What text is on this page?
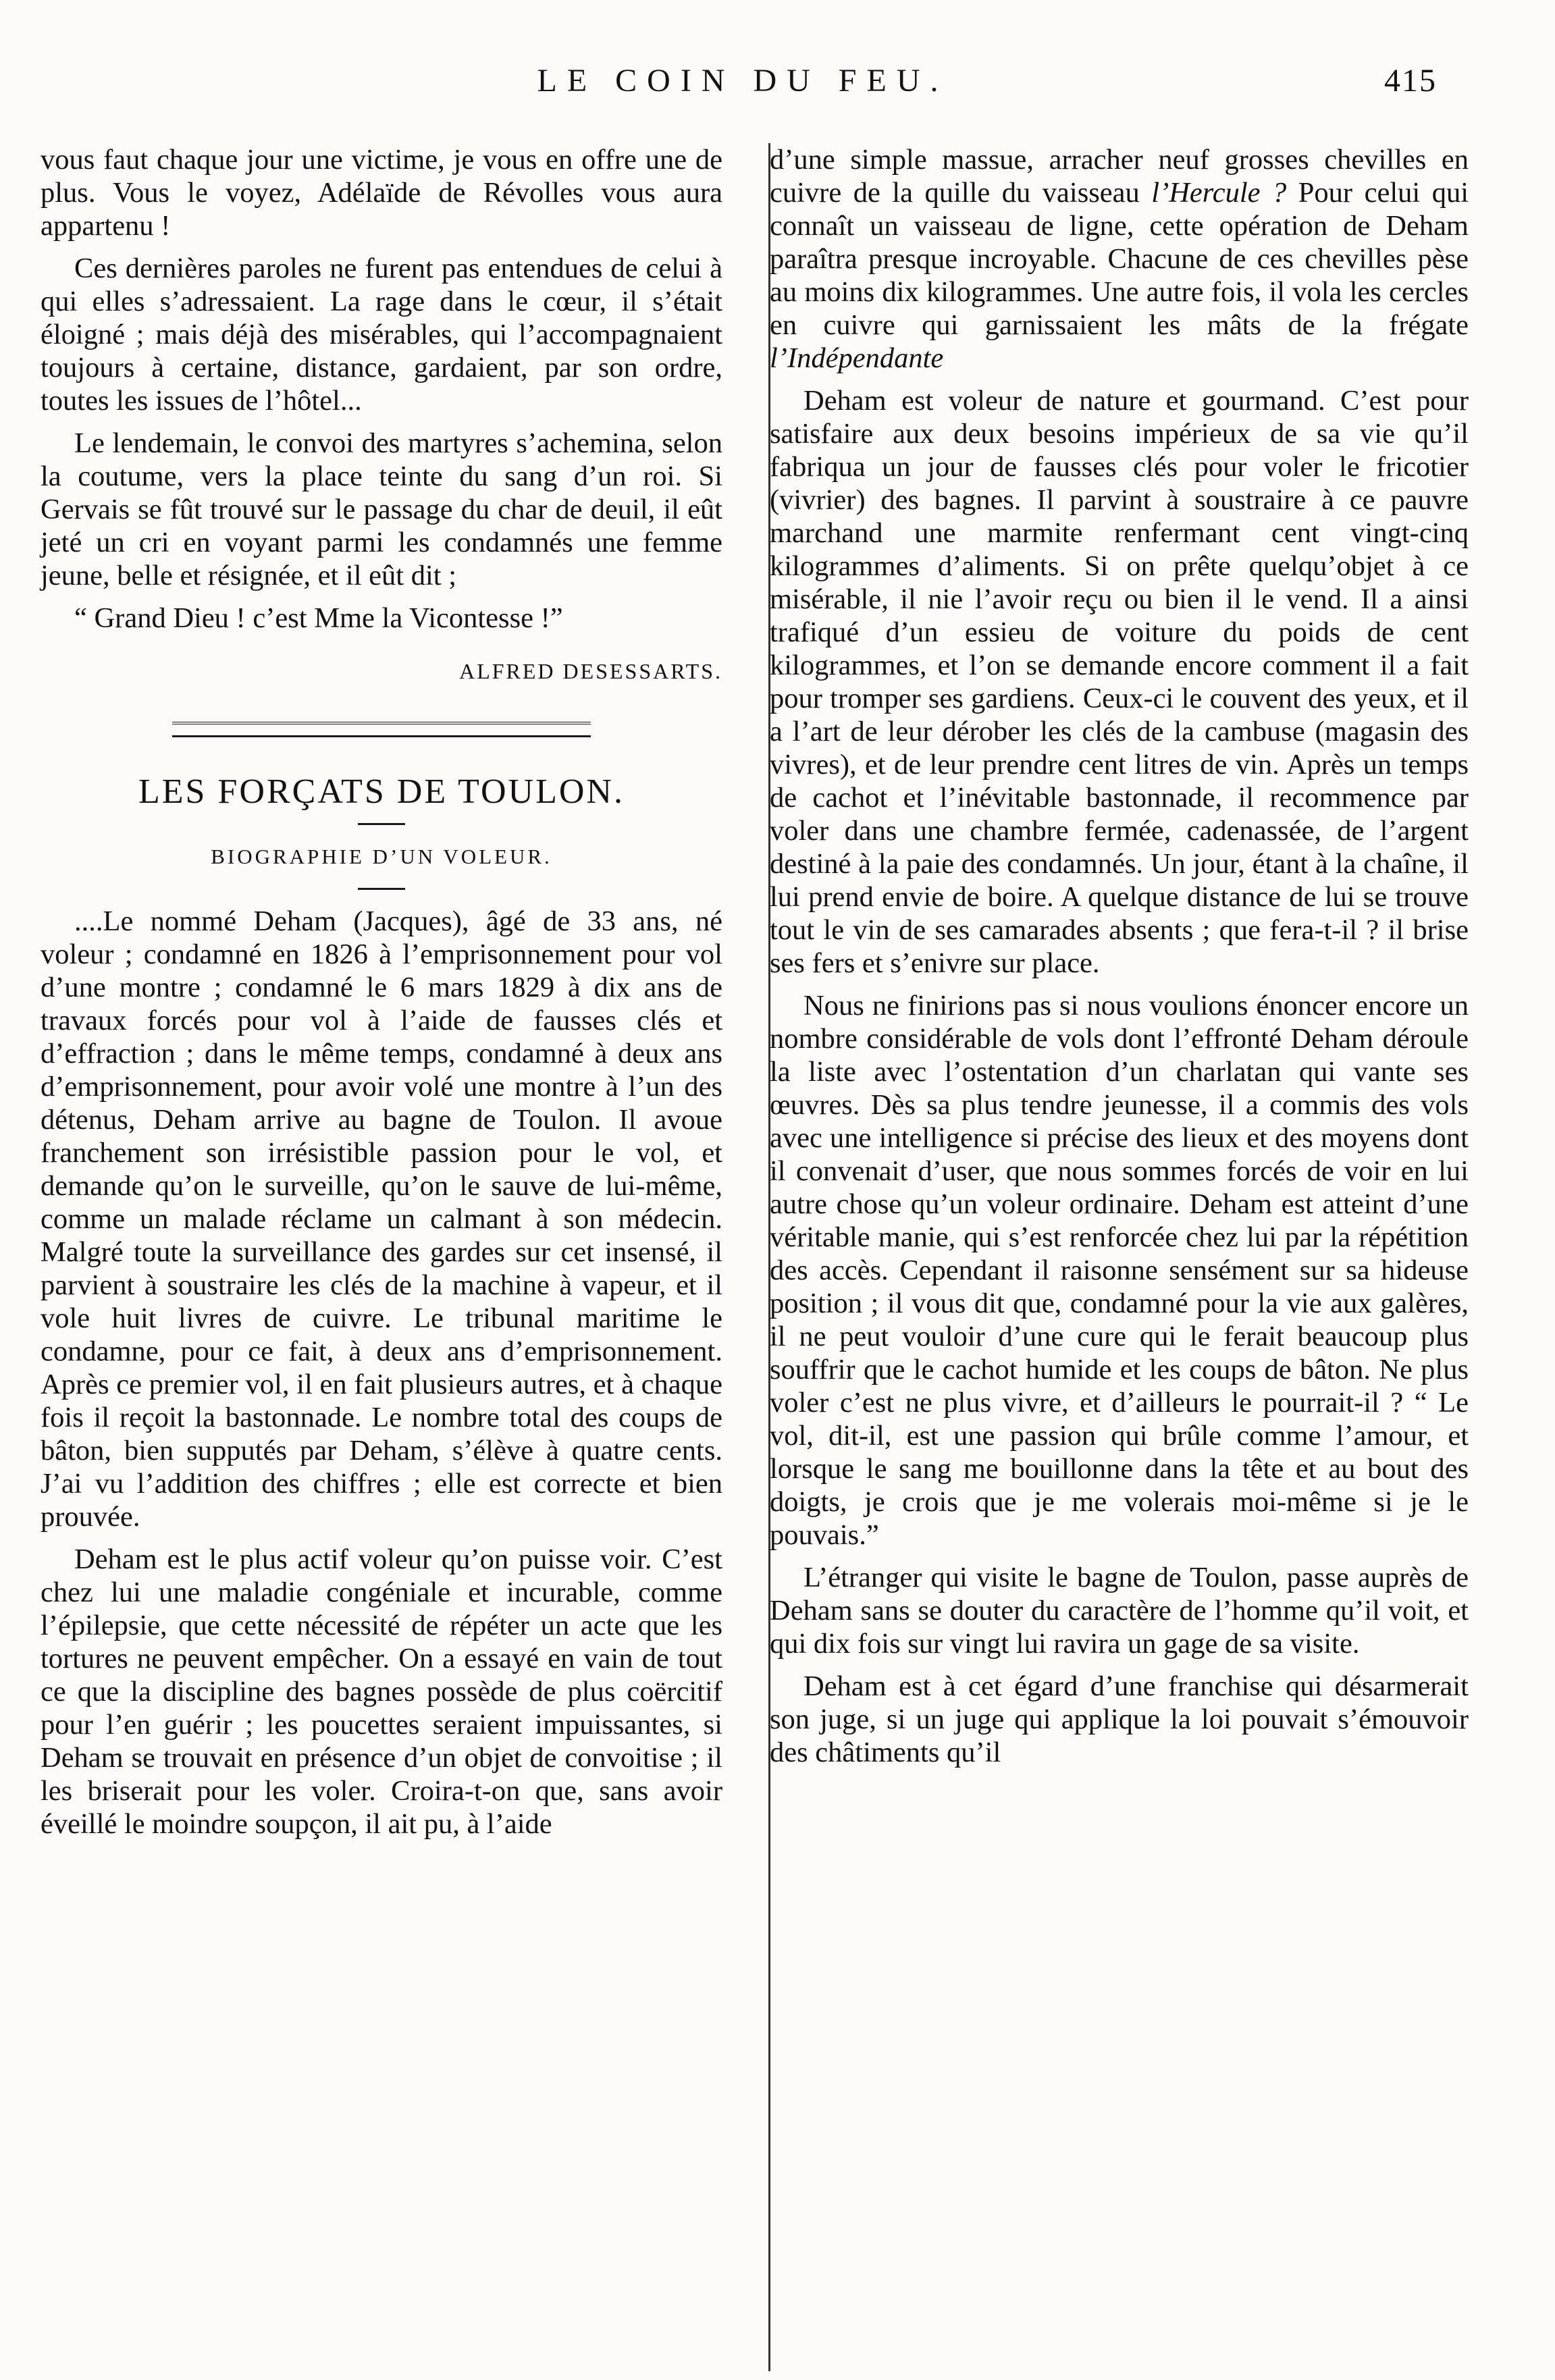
LE COIN DU FEU.	415

vous faut chaque jour une victime, je vous en offre une de plus. Vous le voyez, Adélaïde de Révolles vous aura appartenu !

Ces dernières paroles ne furent pas entendues de celui à qui elles s’adressaient. La rage dans le cœur, il s’était éloigné ; mais déjà des misérables, qui l’accompagnaient toujours à certaine, distance, gardaient, par son ordre, toutes les issues de l’hôtel...

Le lendemain, le convoi des martyres s’achemina, selon la coutume, vers la place teinte du sang d’un roi. Si Gervais se fût trouvé sur le passage du char de deuil, il eût jeté un cri en voyant parmi les condamnés une femme jeune, belle et résignée, et il eût dit ;

“ Grand Dieu ! c’est Mme la Vicontesse !”

ALFRED DESESSARTS.
LES FORÇATS DE TOULON.
BIOGRAPHIE D’UN VOLEUR.

....Le nommé Deham (Jacques), âgé de 33 ans, né voleur ; condamné en 1826 à l’emprisonnement pour vol d’une montre ; condamné le 6 mars 1829 à dix ans de travaux forcés pour vol à l’aide de fausses clés et d’effraction ; dans le même temps, condamné à deux ans d’emprisonnement, pour avoir volé une montre à l’un des détenus, Deham arrive au bagne de Toulon. Il avoue franchement son irrésistible passion pour le vol, et demande qu’on le surveille, qu’on le sauve de lui-même, comme un malade réclame un calmant à son médecin. Malgré toute la surveillance des gardes sur cet insensé, il parvient à soustraire les clés de la machine à vapeur, et il vole huit livres de cuivre. Le tribunal maritime le condamne, pour ce fait, à deux ans d’emprisonnement. Après ce premier vol, il en fait plusieurs autres, et à chaque fois il reçoit la bastonnade. Le nombre total des coups de bâton, bien supputés par Deham, s’élève à quatre cents. J’ai vu l’addition des chiffres ; elle est correcte et bien prouvée.

Deham est le plus actif voleur qu’on puisse voir. C’est chez lui une maladie congéniale et incurable, comme l’épilepsie, que cette nécessité de répéter un acte que les tortures ne peuvent empêcher. On a essayé en vain de tout ce que la discipline des bagnes possède de plus coërcitif pour l’en guérir ; les poucettes seraient impuissantes, si Deham se trouvait en présence d’un objet de convoitise ; il les briserait pour les voler. Croira-t-on que, sans avoir éveillé le moindre soupçon, il ait pu, à l’aide

d’une simple massue, arracher neuf grosses chevilles en cuivre de la quille du vaisseau l’Hercule ? Pour celui qui connaît un vaisseau de ligne, cette opération de Deham paraîtra presque incroyable. Chacune de ces chevilles pèse au moins dix kilogrammes. Une autre fois, il vola les cercles en cuivre qui garnissaient les mâts de la frégate l’Indépendante

Deham est voleur de nature et gourmand. C’est pour satisfaire aux deux besoins impérieux de sa vie qu’il fabriqua un jour de fausses clés pour voler le fricotier (vivrier) des bagnes. Il parvint à soustraire à ce pauvre marchand une marmite renfermant cent vingt-cinq kilogrammes d’aliments. Si on prête quelqu’objet à ce misérable, il nie l’avoir reçu ou bien il le vend. Il a ainsi trafiqué d’un essieu de voiture du poids de cent kilogrammes, et l’on se demande encore comment il a fait pour tromper ses gardiens. Ceux-ci le couvent des yeux, et il a l’art de leur dérober les clés de la cambuse (magasin des vivres), et de leur prendre cent litres de vin. Après un temps de cachot et l’inévitable bastonnade, il recommence par voler dans une chambre fermée, cadenassée, de l’argent destiné à la paie des condamnés. Un jour, étant à la chaîne, il lui prend envie de boire. A quelque distance de lui se trouve tout le vin de ses camarades absents ; que fera-t-il ? il brise ses fers et s’enivre sur place.

Nous ne finirions pas si nous voulions énoncer encore un nombre considérable de vols dont l’effronté Deham déroule la liste avec l’ostentation d’un charlatan qui vante ses œuvres. Dès sa plus tendre jeunesse, il a commis des vols avec une intelligence si précise des lieux et des moyens dont il convenait d’user, que nous sommes forcés de voir en lui autre chose qu’un voleur ordinaire. Deham est atteint d’une véritable manie, qui s’est renforcée chez lui par la répétition des accès. Cependant il raisonne sensément sur sa hideuse position ; il vous dit que, condamné pour la vie aux galères, il ne peut vouloir d’une cure qui le ferait beaucoup plus souffrir que le cachot humide et les coups de bâton. Ne plus voler c’est ne plus vivre, et d’ailleurs le pourrait-il ? “ Le vol, dit-il, est une passion qui brûle comme l’amour, et lorsque le sang me bouillonne dans la tête et au bout des doigts, je crois que je me volerais moi-même si je le pouvais.”

L’étranger qui visite le bagne de Toulon, passe auprès de Deham sans se douter du caractère de l’homme qu’il voit, et qui dix fois sur vingt lui ravira un gage de sa visite.

Deham est à cet égard d’une franchise qui désarmerait son juge, si un juge qui applique la loi pouvait s’émouvoir des châtiments qu’il
